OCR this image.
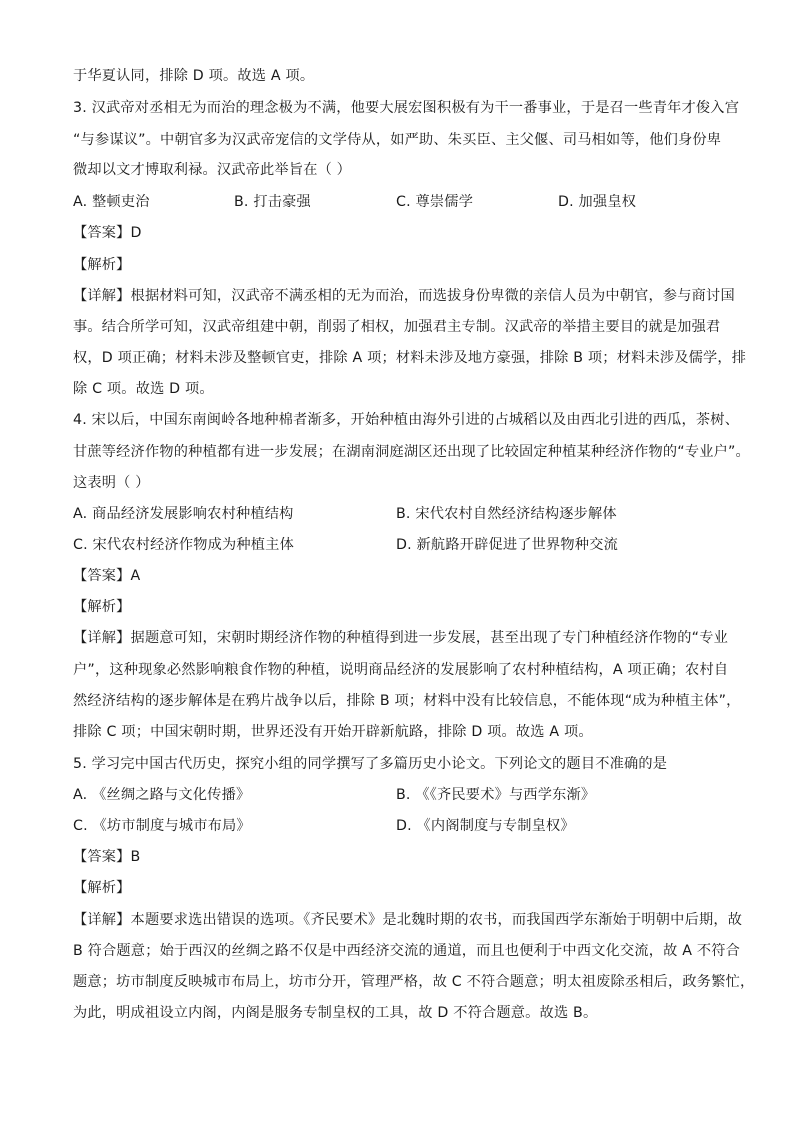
于华夏认同，排除 D 项。故选 A 项。
3. 汉武帝对丞相无为而治的理念极为不满，他要大展宏图积极有为干一番事业，于是召一些青年才俊入宫
“与参谋议”。中朝官多为汉武帝宠信的文学侍从，如严助、朱买臣、主父偃、司马相如等，他们身份卑
微却以文才博取利禄。汉武帝此举旨在（ ）
A. 整顿吏治	B. 打击豪强	C. 尊崇儒学	D. 加强皇权
【答案】D
【解析】
【详解】根据材料可知，汉武帝不满丞相的无为而治，而选拔身份卑微的亲信人员为中朝官，参与商讨国
事。结合所学可知，汉武帝组建中朝，削弱了相权，加强君主专制。汉武帝的举措主要目的就是加强君
权，D 项正确；材料未涉及整顿官吏，排除 A 项；材料未涉及地方豪强，排除 B 项；材料未涉及儒学，排
除 C 项。故选 D 项。
4. 宋以后，中国东南闽岭各地种棉者渐多，开始种植由海外引进的占城稻以及由西北引进的西瓜，茶树、
甘蔗等经济作物的种植都有进一步发展；在湖南洞庭湖区还出现了比较固定种植某种经济作物的“专业户”。
这表明（ ）
A. 商品经济发展影响农村种植结构	B. 宋代农村自然经济结构逐步解体
C. 宋代农村经济作物成为种植主体	D. 新航路开辟促进了世界物种交流
【答案】A
【解析】
【详解】据题意可知，宋朝时期经济作物的种植得到进一步发展，甚至出现了专门种植经济作物的“专业
户”，这种现象必然影响粮食作物的种植，说明商品经济的发展影响了农村种植结构，A 项正确；农村自
然经济结构的逐步解体是在鸦片战争以后，排除 B 项；材料中没有比较信息，不能体现“成为种植主体”，
排除 C 项；中国宋朝时期，世界还没有开始开辟新航路，排除 D 项。故选 A 项。
5. 学习完中国古代历史，探究小组的同学撰写了多篇历史小论文。下列论文的题目不准确的是
A. 《丝绸之路与文化传播》	B. 《《齐民要术》与西学东渐》
C. 《坊市制度与城市布局》	D. 《内阁制度与专制皇权》
【答案】B
【解析】
【详解】本题要求选出错误的选项。《齐民要术》是北魏时期的农书，而我国西学东渐始于明朝中后期，故
B 符合题意；始于西汉的丝绸之路不仅是中西经济交流的通道，而且也便利于中西文化交流，故 A 不符合
题意；坊市制度反映城市布局上，坊市分开，管理严格，故 C 不符合题意；明太祖废除丞相后，政务繁忙，
为此，明成祖设立内阁，内阁是服务专制皇权的工具，故 D 不符合题意。故选 B。
